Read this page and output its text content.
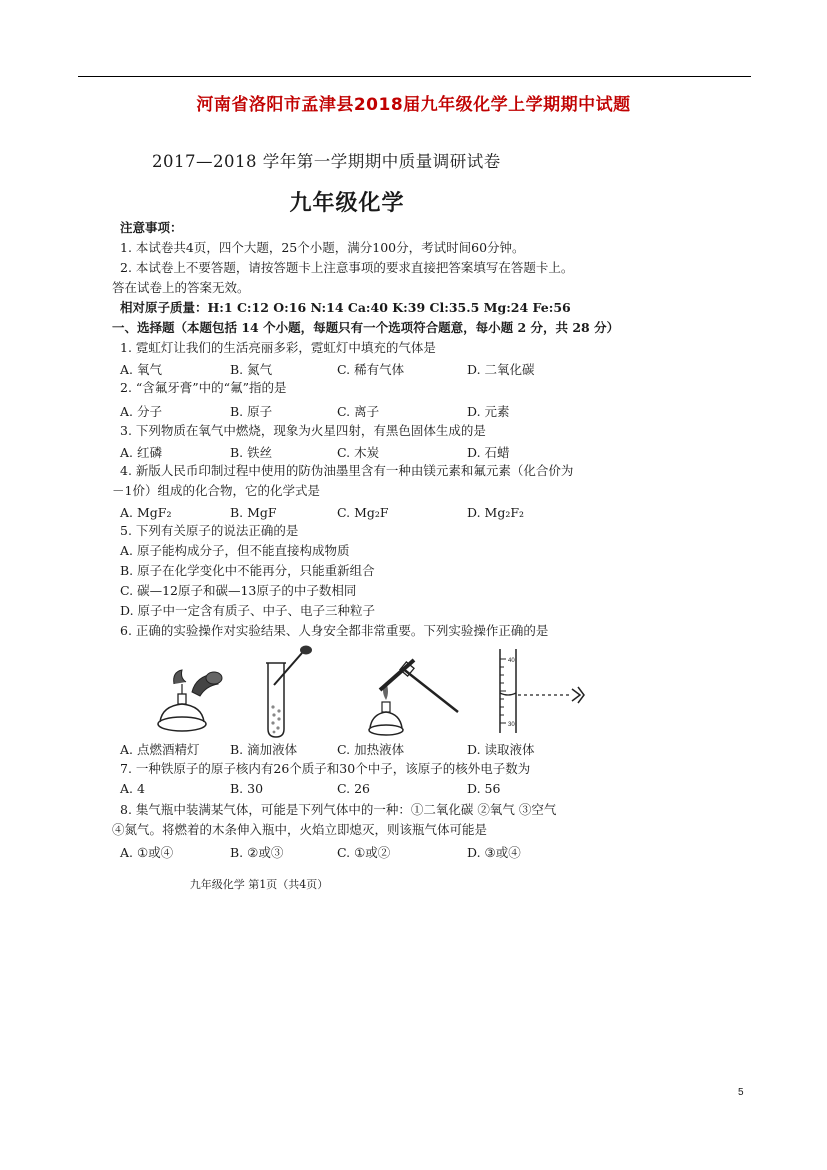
河南省洛阳市孟津县2018届九年级化学上学期期中试题
2017—2018 学年第一学期期中质量调研试卷
九年级化学
注意事项：
1. 本试卷共4页，四个大题，25个小题，满分100分，考试时间60分钟。
2. 本试卷上不要答题，请按答题卡上注意事项的要求直接把答案填写在答题卡上。
答在试卷上的答案无效。
相对原子质量：H:1 C:12 O:16 N:14 Ca:40 K:39 Cl:35.5 Mg:24 Fe:56
一、选择题（本题包括 14 个小题，每题只有一个选项符合题意，每小题 2 分，共 28 分）
1. 霓虹灯让我们的生活亮丽多彩，霓虹灯中填充的气体是
A. 氧气	B. 氮气	C. 稀有气体	D. 二氧化碳
2. “含氟牙膏”中的“氟”指的是
A. 分子	B. 原子	C. 离子	D. 元素
3. 下列物质在氧气中燃烧，现象为火星四射，有黑色固体生成的是
A. 红磷	B. 铁丝	C. 木炭	D. 石蜡
4. 新版人民币印制过程中使用的防伪油墨里含有一种由镁元素和氟元素（化合价为
－1价）组成的化合物，它的化学式是
A. MgF₂	B. MgF	C. Mg₂F	D. Mg₂F₂
5. 下列有关原子的说法正确的是
A. 原子能构成分子，但不能直接构成物质
B. 原子在化学变化中不能再分，只能重新组合
C. 碳—12原子和碳—13原子的中子数相同
D. 原子中一定含有质子、中子、电子三种粒子
6. 正确的实验操作对实验结果、人身安全都非常重要。下列实验操作正确的是
40
30
A. 点燃酒精灯 B. 滴加液体	C. 加热液体	D. 读取液体
7. 一种铁原子的原子核内有26个质子和30个中子，该原子的核外电子数为
A. 4	B. 30	C. 26	D. 56
8. 集气瓶中装满某气体，可能是下列气体中的一种：①二氧化碳 ②氧气 ③空气
④氮气。将燃着的木条伸入瓶中，火焰立即熄灭，则该瓶气体可能是
A. ①或④	B. ②或③	C. ①或②	D. ③或④
九年级化学 第1页（共4页）
5
